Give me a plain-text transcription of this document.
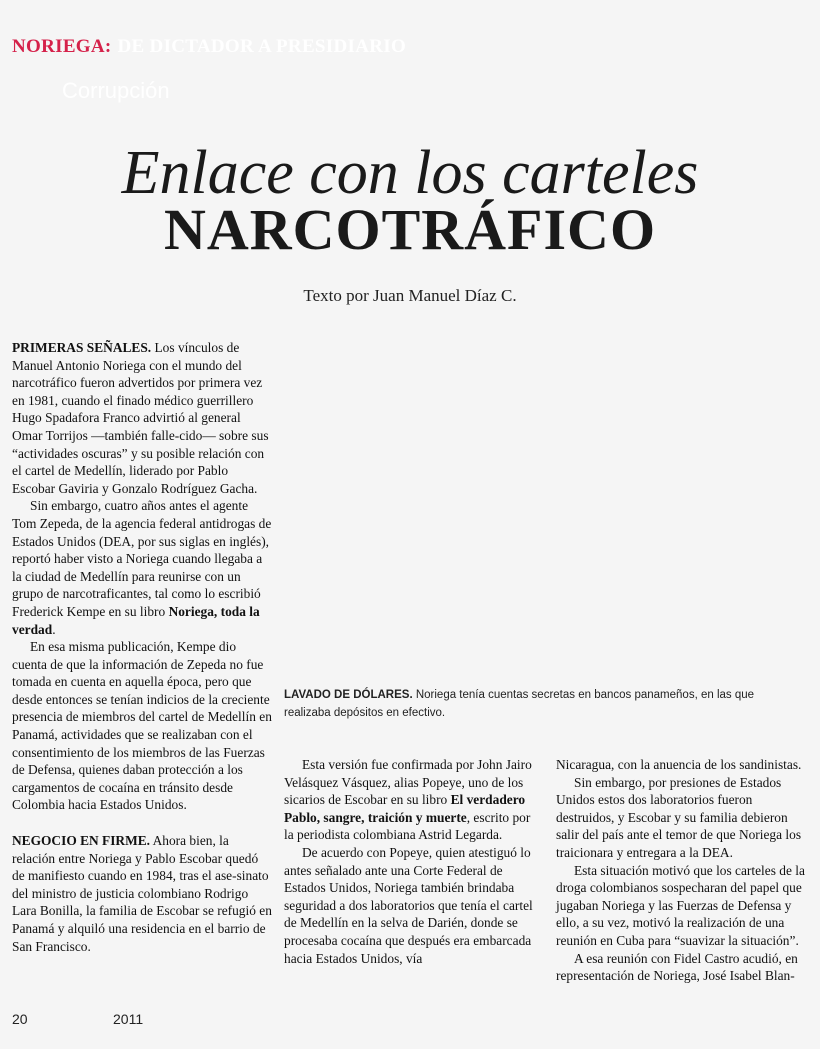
NORIEGA: DE DICTADOR A PRESIDIARIO
Corrupción
Enlace con los carteles
NARCOTRÁFICO
Texto por Juan Manuel Díaz C.

PRIMERAS SEÑALES. Los vínculos de Manuel Antonio Noriega con el mundo del narcotráfico fueron advertidos por primera vez en 1981, cuando el finado médico guerrillero Hugo Spadafora Franco advirtió al general Omar Torrijos —también falle-cido— sobre sus “actividades oscuras” y su posible relación con el cartel de Medellín, liderado por Pablo Escobar Gaviria y Gonzalo Rodríguez Gacha.

Sin embargo, cuatro años antes el agente Tom Zepeda, de la agencia federal antidrogas de Estados Unidos (DEA, por sus siglas en inglés), reportó haber visto a Noriega cuando llegaba a la ciudad de Medellín para reunirse con un grupo de narcotraficantes, tal como lo escribió Frederick Kempe en su libro Noriega, toda la verdad.

En esa misma publicación, Kempe dio cuenta de que la información de Zepeda no fue tomada en cuenta en aquella época, pero que desde entonces se tenían indicios de la creciente presencia de miembros del cartel de Medellín en Panamá, actividades que se realizaban con el consentimiento de los miembros de las Fuerzas de Defensa, quienes daban protección a los cargamentos de cocaína en tránsito desde Colombia hacia Estados Unidos.

NEGOCIO EN FIRME. Ahora bien, la relación entre Noriega y Pablo Escobar quedó de manifiesto cuando en 1984, tras el ase-sinato del ministro de justicia colombiano Rodrigo Lara Bonilla, la familia de Escobar se refugió en Panamá y alquiló una residencia en el barrio de San Francisco.

LAVADO DE DÓLARES. Noriega tenía cuentas secretas en bancos panameños, en las que realizaba depósitos en efectivo.

Esta versión fue confirmada por John Jairo Velásquez Vásquez, alias Popeye, uno de los sicarios de Escobar en su libro El verdadero Pablo, sangre, traición y muerte, escrito por la periodista colombiana Astrid Legarda.

De acuerdo con Popeye, quien atestiguó lo antes señalado ante una Corte Federal de Estados Unidos, Noriega también brindaba seguridad a dos laboratorios que tenía el cartel de Medellín en la selva de Darién, donde se procesaba cocaína que después era embarcada hacia Estados Unidos, vía

Nicaragua, con la anuencia de los sandinistas.

Sin embargo, por presiones de Estados Unidos estos dos laboratorios fueron destruidos, y Escobar y su familia debieron salir del país ante el temor de que Noriega los traicionara y entregara a la DEA.

Esta situación motivó que los carteles de la droga colombianos sospecharan del papel que jugaban Noriega y las Fuerzas de Defensa y ello, a su vez, motivó la realización de una reunión en Cuba para “suavizar la situación”.

A esa reunión con Fidel Castro acudió, en representación de Noriega, José Isabel Blan-

20	2011
